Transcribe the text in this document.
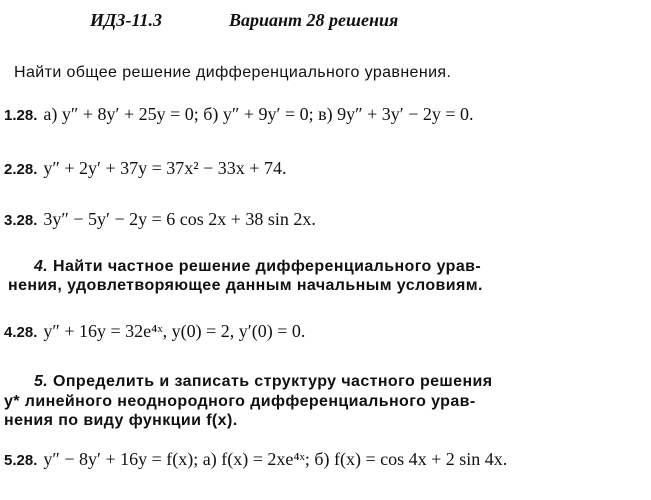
ИДЗ-11.3	Вариант 28 решения
Найти общее решение дифференциального уравнения.
1.28. а) y″ + 8y′ + 25y = 0; б) y″ + 9y′ = 0; в) 9y″ + 3y′ − 2y = 0.
2.28. y″ + 2y′ + 37y = 37x² − 33x + 74.
3.28. 3y″ − 5y′ − 2y = 6 cos 2x + 38 sin 2x.
4. Найти частное решение дифференциального урав-
нения, удовлетворяющее данным начальным условиям.
4.28. y″ + 16y = 32e⁴ˣ, y(0) = 2, y′(0) = 0.
5. Определить и записать структуру частного решения
y* линейного неоднородного дифференциального урав-
нения по виду функции f(x).
5.28. y″ − 8y′ + 16y = f(x); а) f(x) = 2xe⁴ˣ; б) f(x) = cos 4x + 2 sin 4x.
